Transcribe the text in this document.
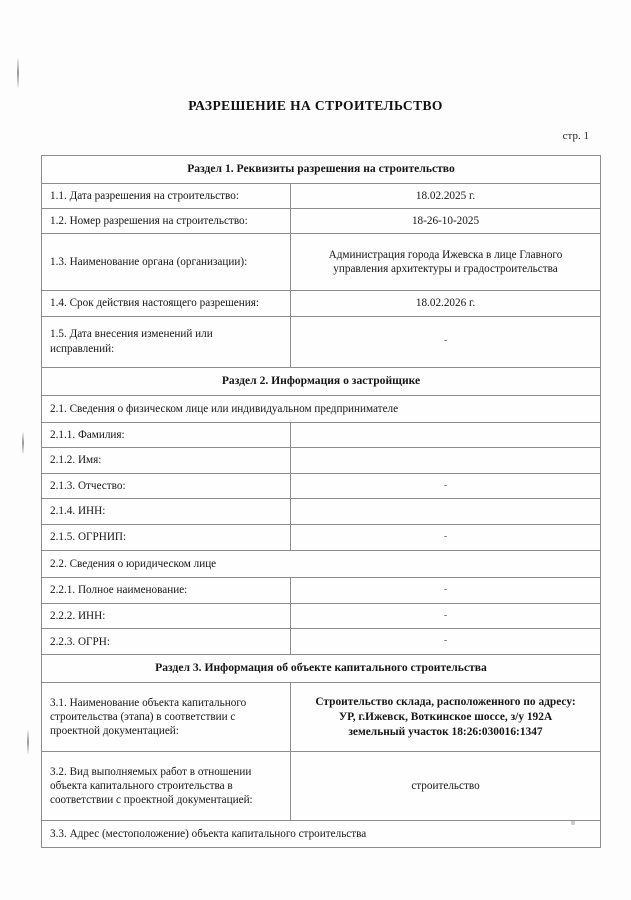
РАЗРЕШЕНИЕ НА СТРОИТЕЛЬСТВО
стр. 1
Раздел 1. Реквизиты разрешения на строительство	
1.1. Дата разрешения на строительство:	18.02.2025 г.
1.2. Номер разрешения на строительство:	18-26-10-2025
1.3. Наименование органа (организации):	Администрация города Ижевска в лице Главного
управления архитектуры и градостроительства

1.4. Срок действия настоящего разрешения:	18.02.2026 г.

1.5. Дата внесения изменений или
исправлений:	-
Раздел 2. Информация о застройщике	
2.1. Сведения о физическом лице или индивидуальном предпринимателе	
2.1.1. Фамилия:	

2.1.2. Имя:	

2.1.3. Отчество:	-
2.1.4. ИНН:	

2.1.5. ОГРНИП:	-
2.2. Сведения о юридическом лице	
2.2.1. Полное наименование:	-
2.2.2. ИНН:	-
2.2.3. ОГРН:	-
Раздел 3. Информация об объекте капитального строительства	

3.1. Наименование объекта капитального
строительства (этапа) в соответствии с
проектной документацией:	Строительство склада, расположенного по адресу:
УР, г.Ижевск, Воткинское шоссе, з/у 192А
земельный участок 18:26:030016:1347

3.2. Вид выполняемых работ в отношении
объекта капитального строительства в
соответствии с проектной документацией:	строительство
3.3. Адрес (местоположение) объекта капитального строительства	
